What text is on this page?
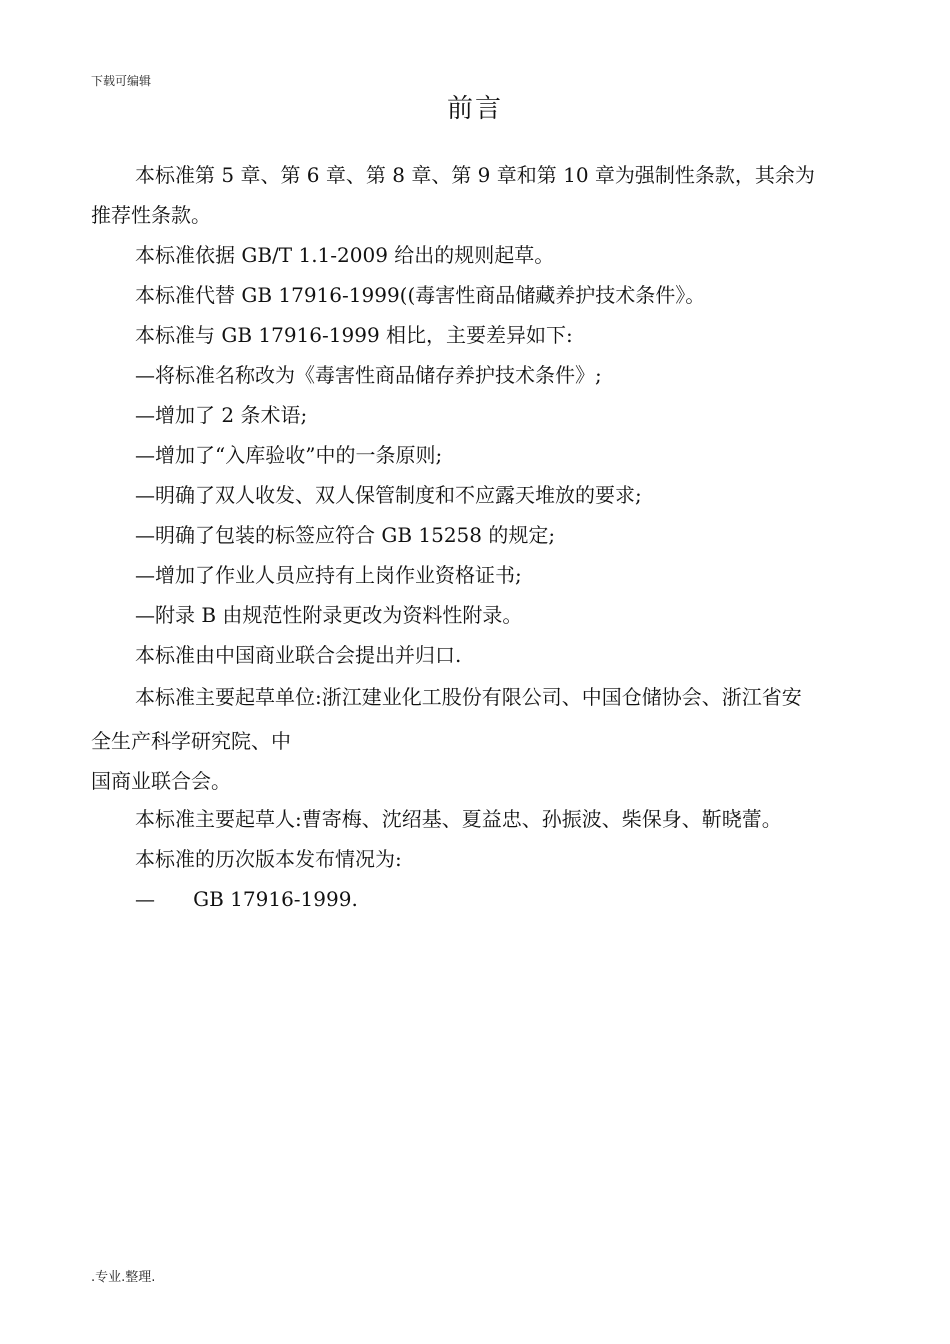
下载可编辑
前言

本标准第 5 章、第 6 章、第 8 章、第 9 章和第 10 章为强制性条款，其余为

推荐性条款。

本标准依据 GB/T 1.1-2009 给出的规则起草。

本标准代替 GB 17916-1999((毒害性商品储藏养护技术条件》。

本标准与 GB 17916-1999 相比，主要差异如下:

—将标准名称改为《毒害性商品储存养护技术条件》;

—增加了 2 条术语;

—增加了“入库验收”中的一条原则;

—明确了双人收发、双人保管制度和不应露天堆放的要求;

—明确了包装的标签应符合 GB 15258 的规定;

—增加了作业人员应持有上岗作业资格证书;

—附录 B 由规范性附录更改为资料性附录。

本标准由中国商业联合会提出并归口.

本标准主要起草单位:浙江建业化工股份有限公司、中国仓储协会、浙江省安

全生产科学研究院、中

国商业联合会。

本标准主要起草人:曹寄梅、沈绍基、夏益忠、孙振波、柴保身、靳晓蕾。

本标准的历次版本发布情况为:

—      GB 17916-1999.

.专业.整理.
